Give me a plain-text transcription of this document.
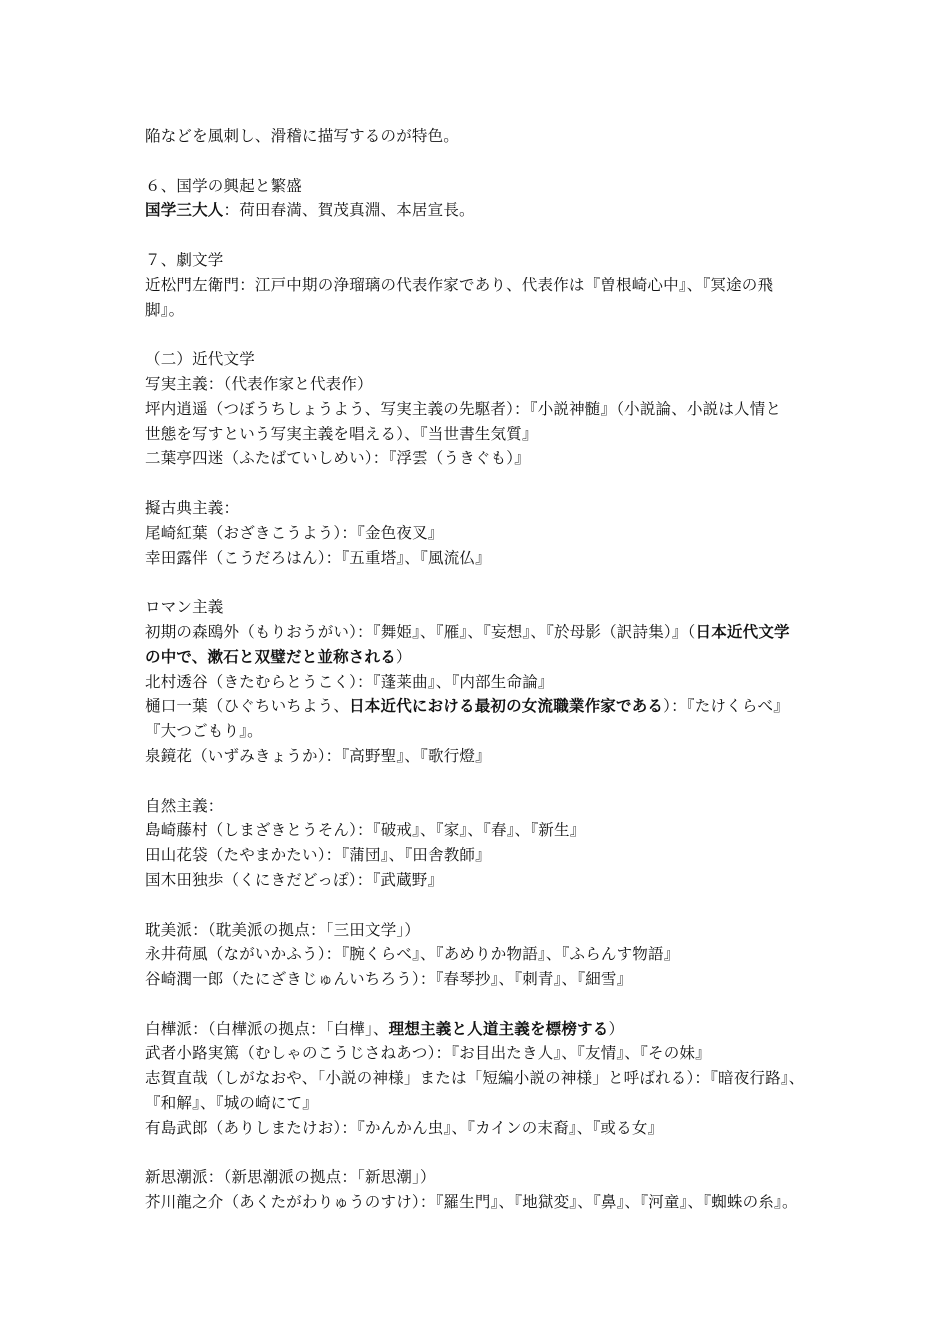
陥などを風刺し、滑稽に描写するのが特色。
６、国学の興起と繁盛
国学三大人：荷田春満、賀茂真淵、本居宣長。
７、劇文学
近松門左衛門：江戸中期の浄瑠璃の代表作家であり、代表作は『曽根崎心中』、『冥途の飛
脚』。
（二）近代文学
写実主義：（代表作家と代表作）
坪内逍遥（つぼうちしょうよう、写実主義の先駆者）：『小説神髄』（小説論、小説は人情と
世態を写すという写実主義を唱える）、『当世書生気質』
二葉亭四迷（ふたばていしめい）：『浮雲（うきぐも）』
擬古典主義：
尾崎紅葉（おざきこうよう）：『金色夜叉』
幸田露伴（こうだろはん）：『五重塔』、『風流仏』
ロマン主義
初期の森鴎外（もりおうがい）：『舞姫』、『雁』、『妄想』、『於母影（訳詩集）』（日本近代文学
の中で、漱石と双璧だと並称される）
北村透谷（きたむらとうこく）：『蓬莱曲』、『内部生命論』
樋口一葉（ひぐちいちよう、日本近代における最初の女流職業作家である）：『たけくらべ』
『大つごもり』。
泉鏡花（いずみきょうか）：『高野聖』、『歌行燈』
自然主義：
島崎藤村（しまざきとうそん）：『破戒』、『家』、『春』、『新生』
田山花袋（たやまかたい）：『蒲団』、『田舎教師』
国木田独歩（くにきだどっぽ）：『武蔵野』
耽美派：（耽美派の拠点：「三田文学」）
永井荷風（ながいかふう）：『腕くらべ』、『あめりか物語』、『ふらんす物語』
谷崎潤一郎（たにざきじゅんいちろう）：『春琴抄』、『刺青』、『細雪』
白樺派：（白樺派の拠点：「白樺」、理想主義と人道主義を標榜する）
武者小路実篤（むしゃのこうじさねあつ）：『お目出たき人』、『友情』、『その妹』
志賀直哉（しがなおや、「小説の神様」または「短編小説の神様」と呼ばれる）：『暗夜行路』、
『和解』、『城の崎にて』
有島武郎（ありしまたけお）：『かんかん虫』、『カインの末裔』、『或る女』
新思潮派：（新思潮派の拠点：「新思潮」）
芥川龍之介（あくたがわりゅうのすけ）：『羅生門』、『地獄変』、『鼻』、『河童』、『蜘蛛の糸』。
